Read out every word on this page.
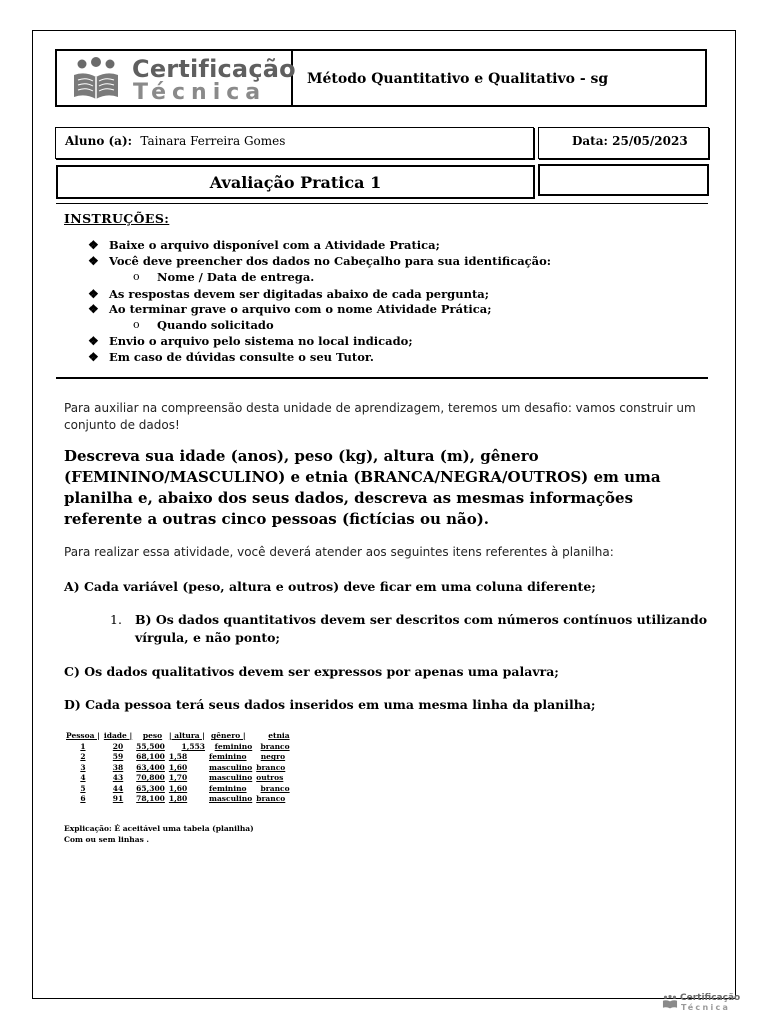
Certificação
Técnica
Método Quantitativo e Qualitativo - sg
Aluno (a): Tainara Ferreira Gomes	Data: 25/05/2023
Avaliação Pratica 1
INSTRUÇÕES:
❖ Baixe o arquivo disponível com a Atividade Pratica;
❖ Você deve preencher dos dados no Cabeçalho para sua identificação:
o Nome / Data de entrega.
❖ As respostas devem ser digitadas abaixo de cada pergunta;
❖ Ao terminar grave o arquivo com o nome Atividade Prática;
o Quando solicitado
❖ Envio o arquivo pelo sistema no local indicado;
❖ Em caso de dúvidas consulte o seu Tutor.
Para auxiliar na compreensão desta unidade de aprendizagem, teremos um desafio: vamos construir um conjunto de dados!
Descreva sua idade (anos), peso (kg), altura (m), gênero (FEMININO/MASCULINO) e etnia (BRANCA/NEGRA/OUTROS) em uma planilha e, abaixo dos seus dados, descreva as mesmas informações referente a outras cinco pessoas (fictícias ou não).
Para realizar essa atividade, você deverá atender aos seguintes itens referentes à planilha:
A) Cada variável (peso, altura e outros) deve ficar em uma coluna diferente;
1. B) Os dados quantitativos devem ser descritos com números contínuos utilizando
vírgula, e não ponto;
C) Os dados qualitativos devem ser expressos por apenas uma palavra;
D) Cada pessoa terá seus dados inseridos em uma mesma linha da planilha;
Pessoa |	idade |	peso	| altura |	gênero |	etnia
1	20	55,500	1,553	feminino	branco
2	59	68,100	1,58	feminino	negro
3	38	63,400	1,60	masculino	branco
4	43	70,800	1,70	masculino	outros
5	44	65,300	1,60	feminino	branco
6	91	78,100	1,80	masculino	branco
Explicação: É aceitável uma tabela (planilha)
Com ou sem linhas .
Certificação
Técnica
